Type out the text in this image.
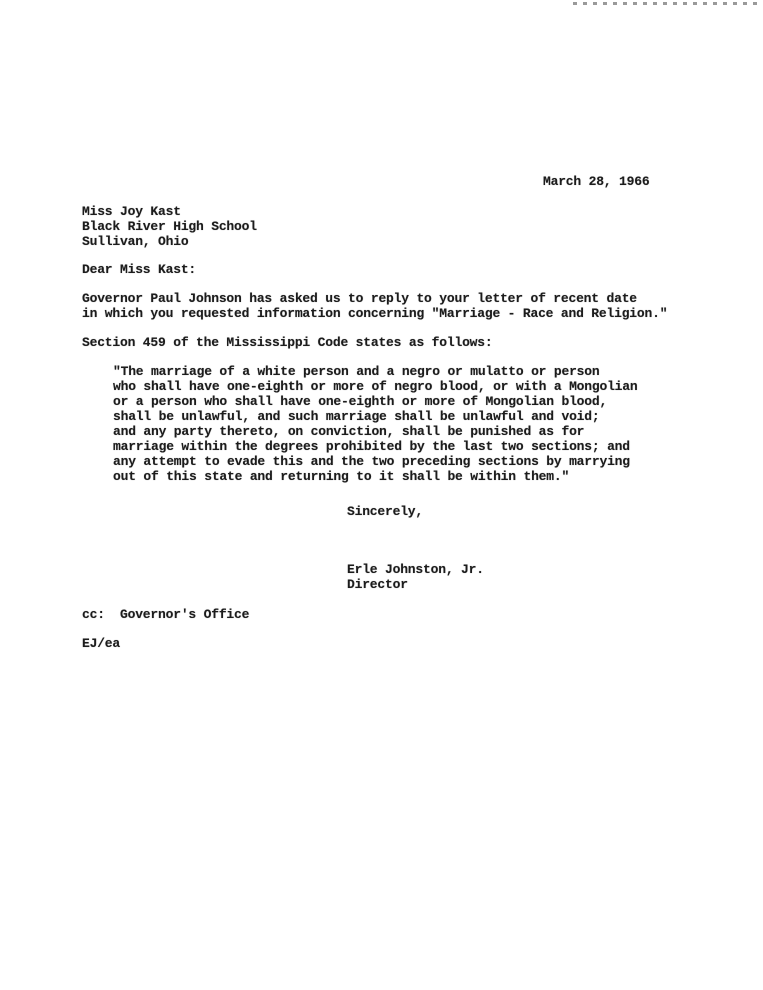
March 28, 1966
Miss Joy Kast
Black River High School
Sullivan, Ohio
Dear Miss Kast:
Governor Paul Johnson has asked us to reply to your letter of recent date
in which you requested information concerning "Marriage - Race and Religion."
Section 459 of the Mississippi Code states as follows:
"The marriage of a white person and a negro or mulatto or person
who shall have one-eighth or more of negro blood, or with a Mongolian
or a person who shall have one-eighth or more of Mongolian blood,
shall be unlawful, and such marriage shall be unlawful and void;
and any party thereto, on conviction, shall be punished as for
marriage within the degrees prohibited by the last two sections; and
any attempt to evade this and the two preceding sections by marrying
out of this state and returning to it shall be within them."
Sincerely,
Erle Johnston, Jr.
Director
cc:  Governor's Office
EJ/ea
